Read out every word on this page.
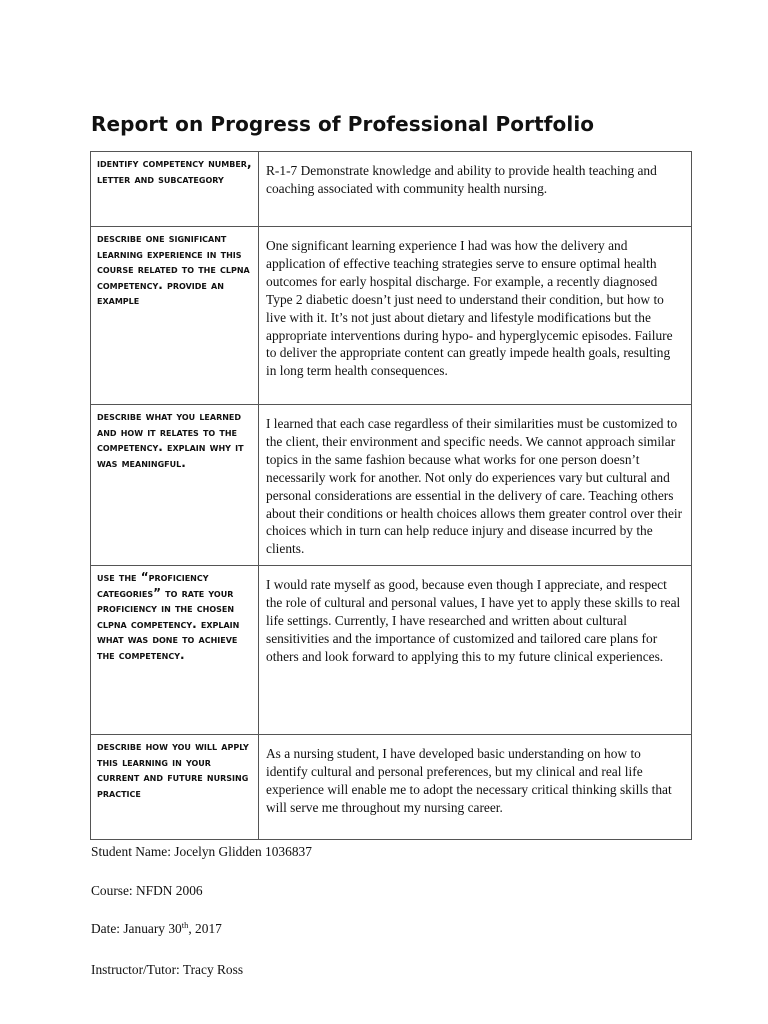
Report on Progress of Professional Portfolio
identify competency number, letter and subcategory	R-1-7 Demonstrate knowledge and ability to provide health teaching and coaching associated with community health nursing.

describe one significant learning experience in this course related to the clpna competency. provide an example	One significant learning experience I had was how the delivery and application of effective teaching strategies serve to ensure optimal health outcomes for early hospital discharge. For example, a recently diagnosed Type 2 diabetic doesn’t just need to understand their condition, but how to live with it. It’s not just about dietary and lifestyle modifications but the appropriate interventions during hypo- and hyperglycemic episodes. Failure to deliver the appropriate content can greatly impede health goals, resulting in long term health consequences.

describe what you learned and how it relates to the competency. explain why it was meaningful.	I learned that each case regardless of their similarities must be customized to the client, their environment and specific needs. We cannot approach similar topics in the same fashion because what works for one person doesn’t necessarily work for another. Not only do experiences vary but cultural and personal considerations are essential in the delivery of care. Teaching others about their conditions or health choices allows them greater control over their choices which in turn can help reduce injury and disease incurred by the clients.

use the “proficiency categories” to rate your proficiency in the chosen clpna competency. explain what was done to achieve the competency.	I would rate myself as good, because even though I appreciate, and respect the role of cultural and personal values, I have yet to apply these skills to real life settings. Currently, I have researched and written about cultural sensitivities and the importance of customized and tailored care plans for others and look forward to applying this to my future clinical experiences.

describe how you will apply this learning in your current and future nursing practice	As a nursing student, I have developed basic understanding on how to identify cultural and personal preferences, but my clinical and real life experience will enable me to adopt the necessary critical thinking skills that will serve me throughout my nursing career.
Student Name: Jocelyn Glidden 1036837
Course: NFDN 2006
Date: January 30th, 2017
Instructor/Tutor: Tracy Ross
